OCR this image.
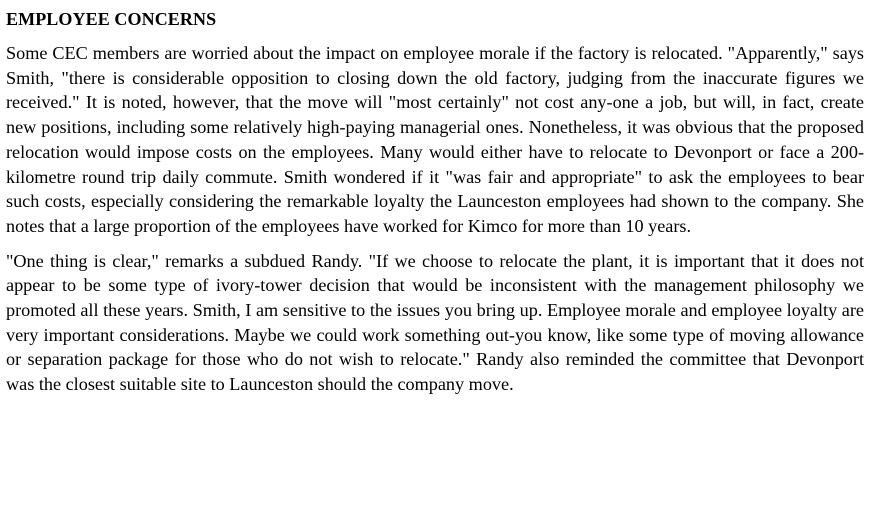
EMPLOYEE CONCERNS

Some CEC members are worried about the impact on employee morale if the factory is relocated. "Apparently," says Smith, "there is considerable opposition to closing down the old factory, judging from the inaccurate figures we received." It is noted, however, that the move will "most certainly" not cost any-one a job, but will, in fact, create new positions, including some relatively high-paying managerial ones. Nonetheless, it was obvious that the proposed relocation would impose costs on the employees. Many would either have to relocate to Devonport or face a 200-kilometre round trip daily commute. Smith wondered if it "was fair and appropriate" to ask the employees to bear such costs, especially considering the remarkable loyalty the Launceston employees had shown to the company. She notes that a large proportion of the employees have worked for Kimco for more than 10 years.

"One thing is clear," remarks a subdued Randy. "If we choose to relocate the plant, it is important that it does not appear to be some type of ivory-tower decision that would be inconsistent with the management philosophy we promoted all these years. Smith, I am sensitive to the issues you bring up. Employee morale and employee loyalty are very important considerations. Maybe we could work something out-you know, like some type of moving allowance or separation package for those who do not wish to relocate." Randy also reminded the committee that Devonport was the closest suitable site to Launceston should the company move.
